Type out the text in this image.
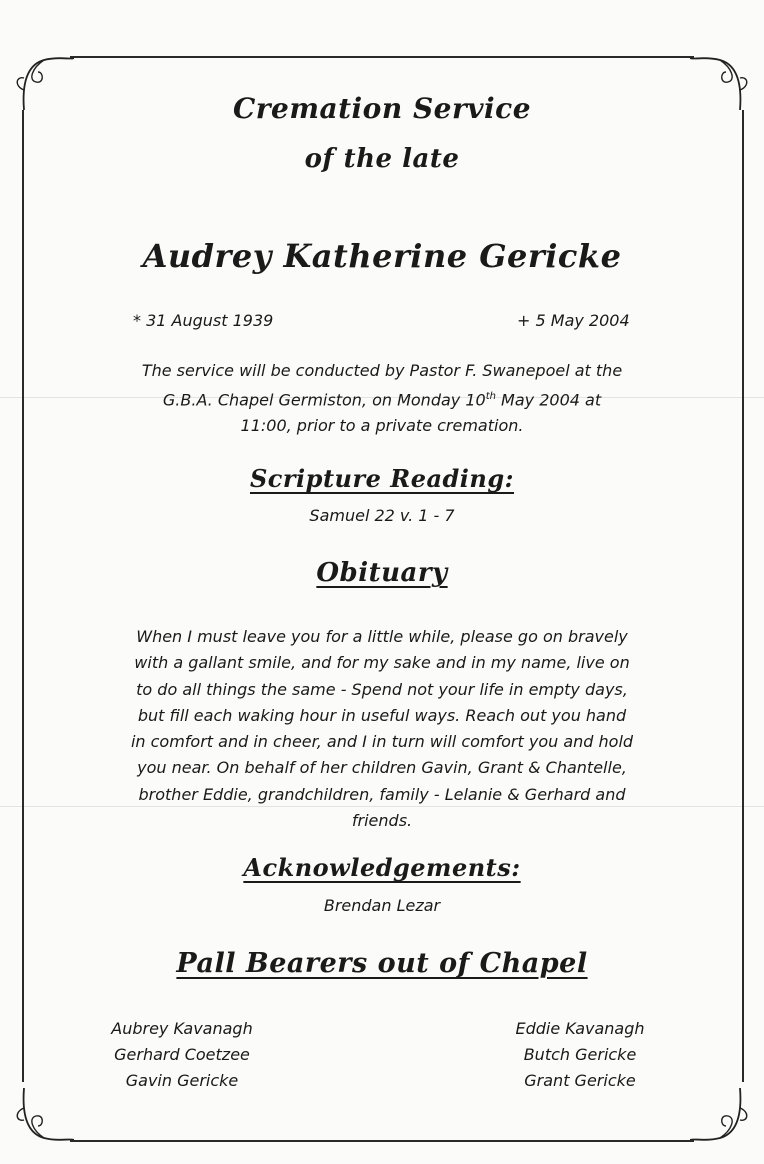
Cremation Service
of the late
Audrey Katherine Gericke
* 31 August 1939	+ 5 May 2004
The service will be conducted by Pastor F. Swanepoel at the
G.B.A. Chapel Germiston, on Monday 10th May 2004 at
11:00, prior to a private cremation.
Scripture Reading:
Samuel 22 v. 1 - 7
Obituary
When I must leave you for a little while, please go on bravely
with a gallant smile, and for my sake and in my name, live on
to do all things the same - Spend not your life in empty days,
but fill each waking hour in useful ways. Reach out you hand
in comfort and in cheer, and I in turn will comfort you and hold
you near. On behalf of her children Gavin, Grant & Chantelle,
brother Eddie, grandchildren, family - Lelanie & Gerhard and
friends.
Acknowledgements:
Brendan Lezar
Pall Bearers out of Chapel
Aubrey Kavanagh
Gerhard Coetzee
Gavin Gericke
Eddie Kavanagh
Butch Gericke
Grant Gericke
